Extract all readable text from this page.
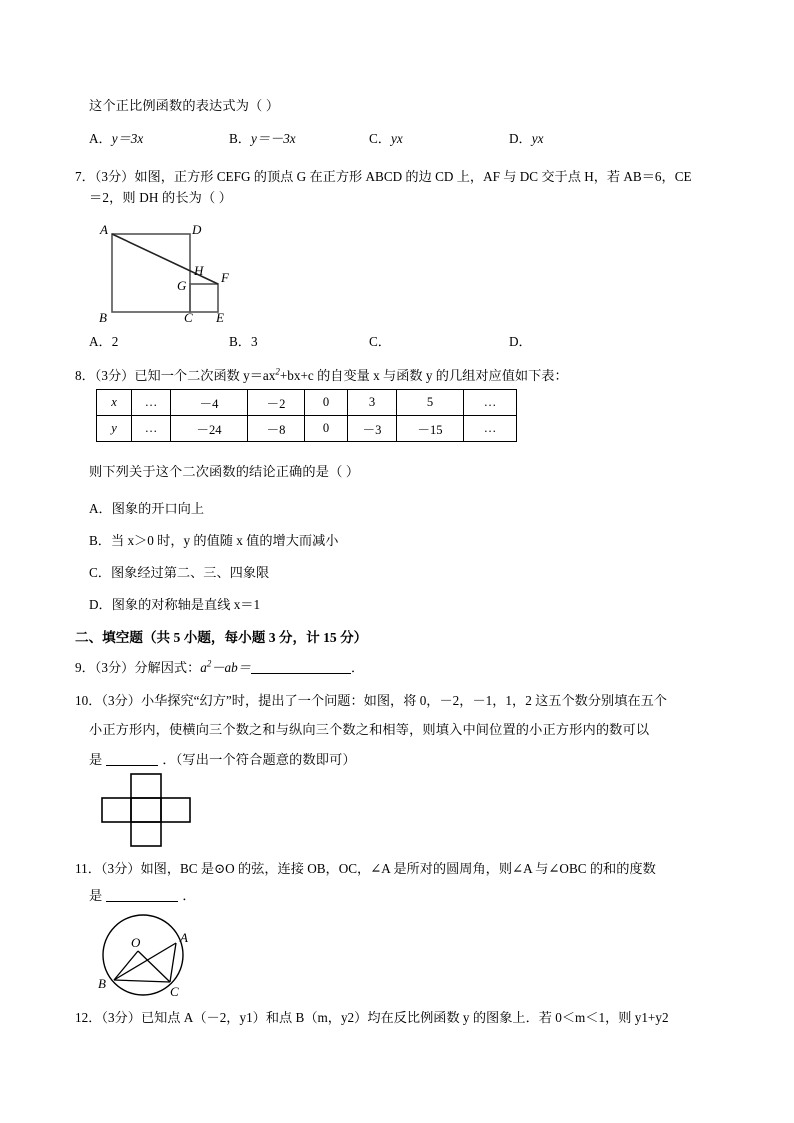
这个正比例函数的表达式为（ ）
A．y＝3x	B．y＝－3x	C．yx	D．yx
7．（3分）如图，正方形 CEFG 的顶点 G 在正方形 ABCD 的边 CD 上，AF 与 DC 交于点 H，若 AB＝6，CE
＝2，则 DH 的长为（ ）
A	D
H
G
F
B	C E
A．2	B．3	C．	D．
8．（3分）已知一个二次函数 $y=ax^2+bx+c$ 的自变量 x 与函数 y 的几组对应值如下表：
x	…	－4	－2	0	3	5	…
y	…	－24	－8	0	－3	－15	…
则下列关于这个二次函数的结论正确的是（ ）
A．图象的开口向上
B．当 x＞0 时，y 的值随 x 值的增大而减小
C．图象经过第二、三、四象限
D．图象的对称轴是直线 x＝1
二、填空题（共 5 小题，每小题 3 分，计 15 分）
9．（3分）分解因式：$a^2-ab=$	．
10．（3分）小华探究“幻方”时，提出了一个问题：如图，将 0，－2，－1，1，2 这五个数分别填在五个
小正方形内，使横向三个数之和与纵向三个数之和相等，则填入中间位置的小正方形内的数可以
是	．（写出一个符合题意的数即可）
11．（3分）如图，BC 是⊙O 的弦，连接 OB，OC，∠A 是所对的圆周角，则∠A 与∠OBC 的和的度数
是	．
O	A
B
C
12．（3分）已知点 A（－2，y1）和点 B（m，y2）均在反比例函数 y 的图象上．若 0＜m＜1，则 y1+y2
